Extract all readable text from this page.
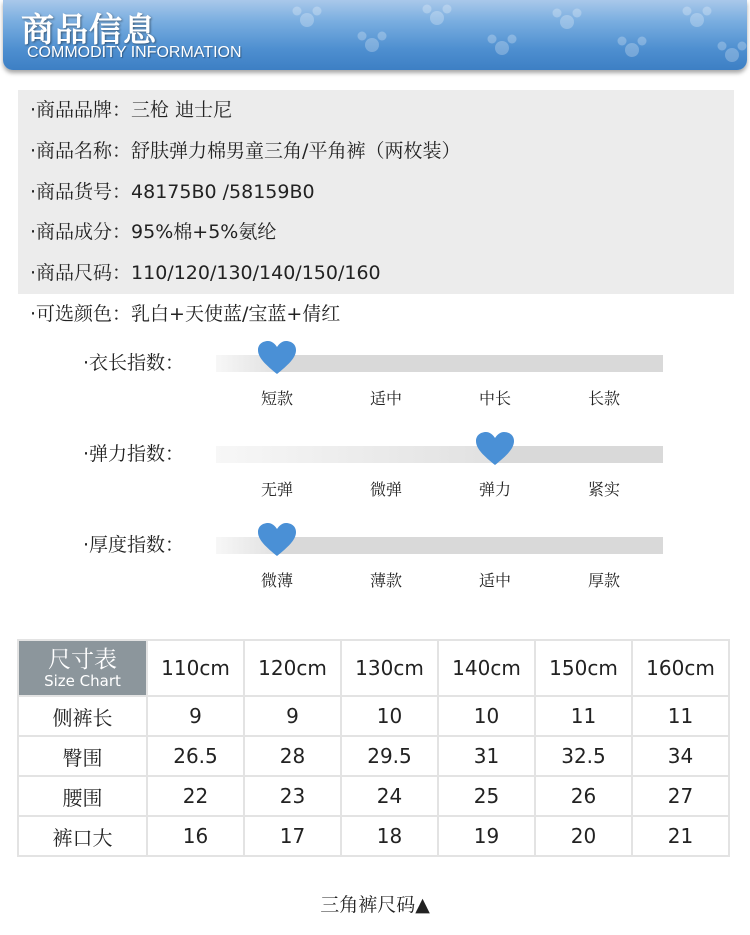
商品信息
COMMODITY INFORMATION
·商品品牌：三枪 迪士尼
·商品名称：舒肤弹力棉男童三角/平角裤（两枚装）
·商品货号：48175B0 /58159B0
·商品成分：95%棉+5%氨纶
·商品尺码：110/120/130/140/150/160
·可选颜色：乳白+天使蓝/宝蓝+倩红
·衣长指数：
短款	适中	中长	长款
·弹力指数：
无弹	微弹	弹力	紧实
·厚度指数：
微薄	薄款	适中	厚款
尺寸表
Size Chart	110cm	120cm	130cm	140cm	150cm	160cm
侧裤长	9	9	10	10	11	11
臀围	26.5	28	29.5	31	32.5	34
腰围	22	23	24	25	26	27
裤口大	16	17	18	19	20	21
三角裤尺码▲
